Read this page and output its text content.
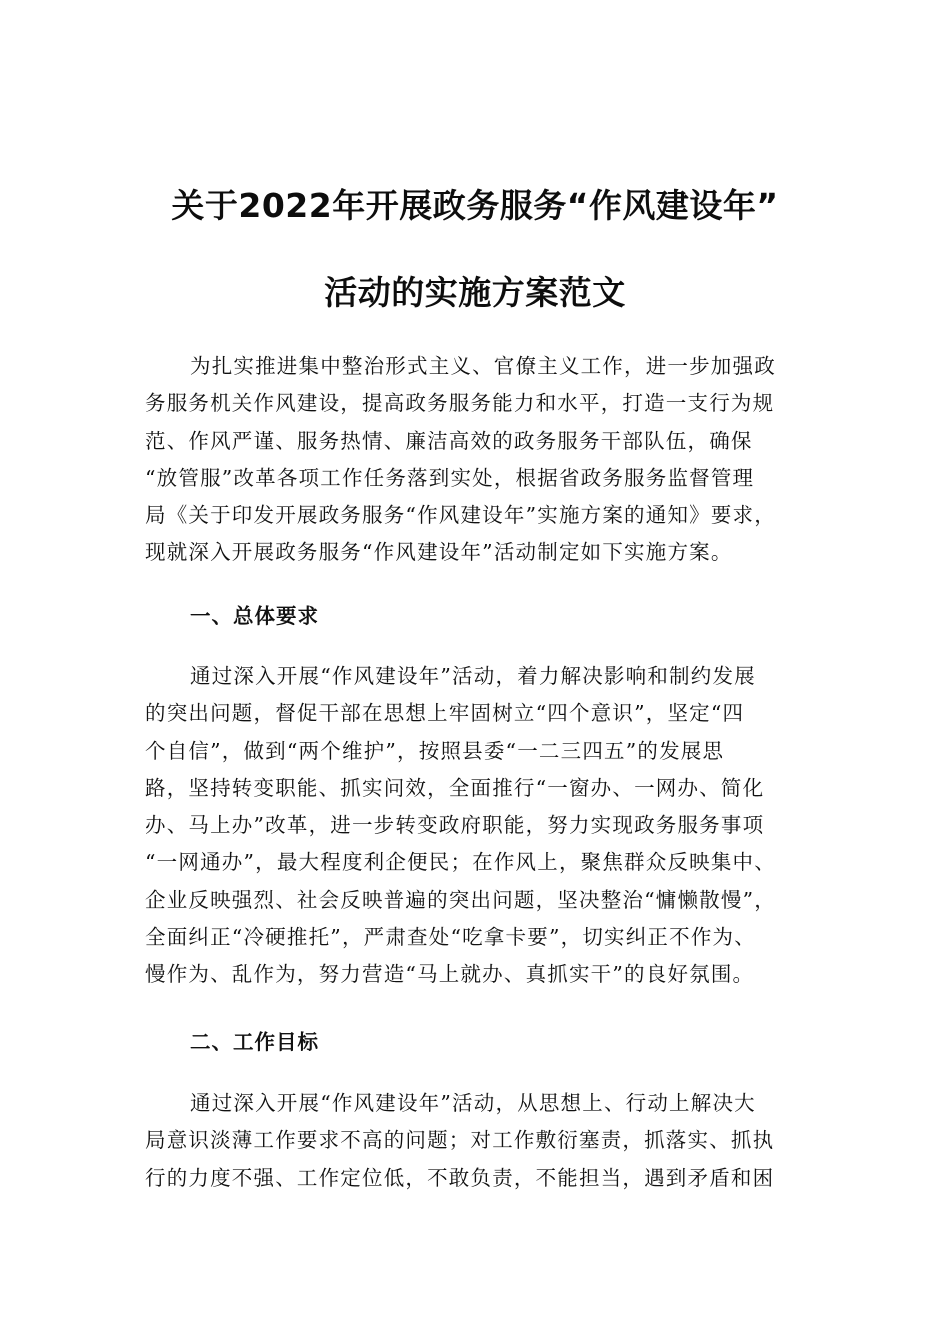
关于2022年开展政务服务“作风建设年”
活动的实施方案范文
为扎实推进集中整治形式主义、官僚主义工作，进一步加强政
务服务机关作风建设，提高政务服务能力和水平，打造一支行为规
范、作风严谨、服务热情、廉洁高效的政务服务干部队伍，确保
“放管服”改革各项工作任务落到实处，根据省政务服务监督管理
局《关于印发开展政务服务“作风建设年”实施方案的通知》要求，
现就深入开展政务服务“作风建设年”活动制定如下实施方案。
一、总体要求
通过深入开展“作风建设年”活动，着力解决影响和制约发展
的突出问题，督促干部在思想上牢固树立“四个意识”，坚定“四
个自信”，做到“两个维护”，按照县委“一二三四五”的发展思
路，坚持转变职能、抓实问效，全面推行“一窗办、一网办、简化
办、马上办”改革，进一步转变政府职能，努力实现政务服务事项
“一网通办”，最大程度利企便民；在作风上，聚焦群众反映集中、
企业反映强烈、社会反映普遍的突出问题，坚决整治“慵懒散慢”，
全面纠正“冷硬推托”，严肃查处“吃拿卡要”，切实纠正不作为、
慢作为、乱作为，努力营造“马上就办、真抓实干”的良好氛围。
二、工作目标
通过深入开展“作风建设年”活动，从思想上、行动上解决大
局意识淡薄工作要求不高的问题；对工作敷衍塞责，抓落实、抓执
行的力度不强、工作定位低，不敢负责，不能担当，遇到矛盾和困
